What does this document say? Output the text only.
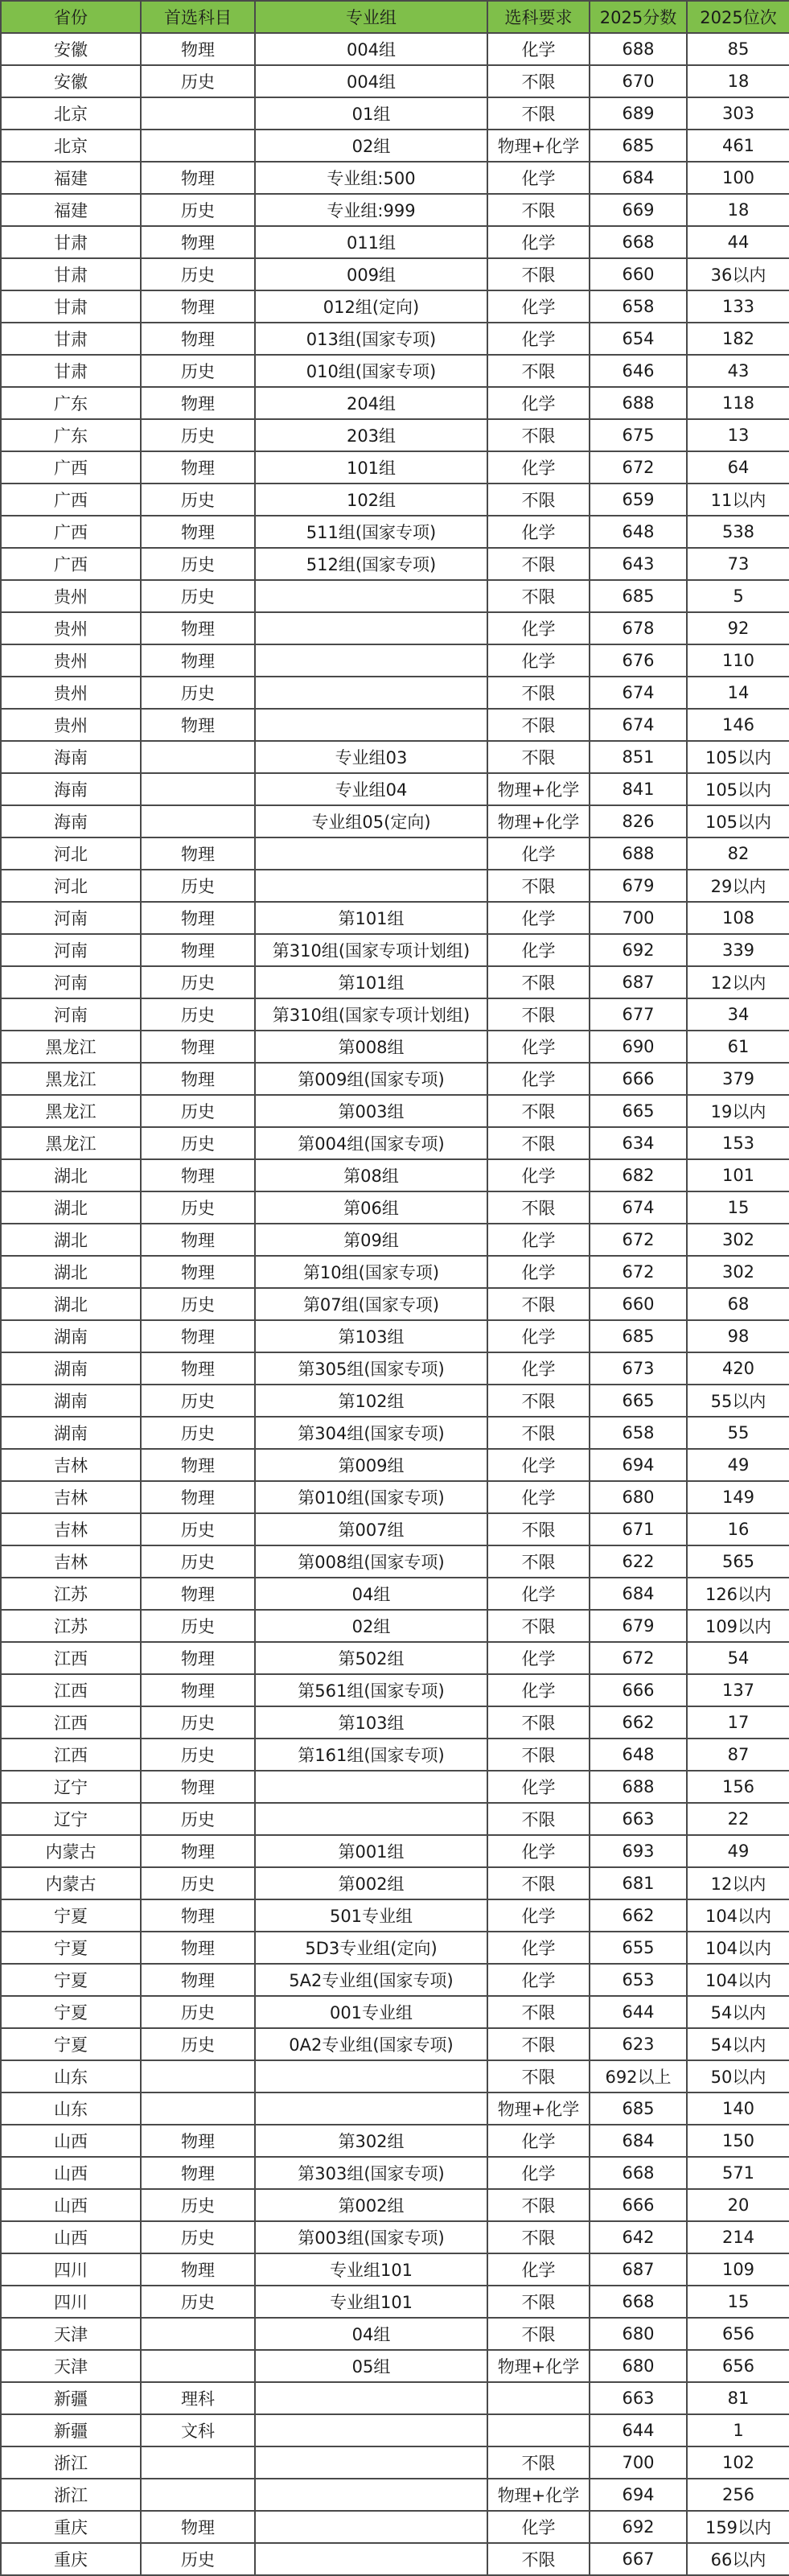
省份	首选科目	专业组	选科要求	2025分数	2025位次
安徽	物理	004组	化学	688	85
安徽	历史	004组	不限	670	18
北京		01组	不限	689	303
北京		02组	物理+化学	685	461
福建	物理	专业组:500	化学	684	100
福建	历史	专业组:999	不限	669	18
甘肃	物理	011组	化学	668	44
甘肃	历史	009组	不限	660	36以内
甘肃	物理	012组(定向)	化学	658	133
甘肃	物理	013组(国家专项)	化学	654	182
甘肃	历史	010组(国家专项)	不限	646	43
广东	物理	204组	化学	688	118
广东	历史	203组	不限	675	13
广西	物理	101组	化学	672	64
广西	历史	102组	不限	659	11以内
广西	物理	511组(国家专项)	化学	648	538
广西	历史	512组(国家专项)	不限	643	73
贵州	历史		不限	685	5
贵州	物理		化学	678	92
贵州	物理		化学	676	110
贵州	历史		不限	674	14
贵州	物理		不限	674	146
海南		专业组03	不限	851	105以内
海南		专业组04	物理+化学	841	105以内
海南		专业组05(定向)	物理+化学	826	105以内
河北	物理		化学	688	82
河北	历史		不限	679	29以内
河南	物理	第101组	化学	700	108
河南	物理	第310组(国家专项计划组)	化学	692	339
河南	历史	第101组	不限	687	12以内
河南	历史	第310组(国家专项计划组)	不限	677	34
黑龙江	物理	第008组	化学	690	61
黑龙江	物理	第009组(国家专项)	化学	666	379
黑龙江	历史	第003组	不限	665	19以内
黑龙江	历史	第004组(国家专项)	不限	634	153
湖北	物理	第08组	化学	682	101
湖北	历史	第06组	不限	674	15
湖北	物理	第09组	化学	672	302
湖北	物理	第10组(国家专项)	化学	672	302
湖北	历史	第07组(国家专项)	不限	660	68
湖南	物理	第103组	化学	685	98
湖南	物理	第305组(国家专项)	化学	673	420
湖南	历史	第102组	不限	665	55以内
湖南	历史	第304组(国家专项)	不限	658	55
吉林	物理	第009组	化学	694	49
吉林	物理	第010组(国家专项)	化学	680	149
吉林	历史	第007组	不限	671	16
吉林	历史	第008组(国家专项)	不限	622	565
江苏	物理	04组	化学	684	126以内
江苏	历史	02组	不限	679	109以内
江西	物理	第502组	化学	672	54
江西	物理	第561组(国家专项)	化学	666	137
江西	历史	第103组	不限	662	17
江西	历史	第161组(国家专项)	不限	648	87
辽宁	物理		化学	688	156
辽宁	历史		不限	663	22
内蒙古	物理	第001组	化学	693	49
内蒙古	历史	第002组	不限	681	12以内
宁夏	物理	501专业组	化学	662	104以内
宁夏	物理	5D3专业组(定向)	化学	655	104以内
宁夏	物理	5A2专业组(国家专项)	化学	653	104以内
宁夏	历史	001专业组	不限	644	54以内
宁夏	历史	0A2专业组(国家专项)	不限	623	54以内
山东			不限	692以上	50以内
山东			物理+化学	685	140
山西	物理	第302组	化学	684	150
山西	物理	第303组(国家专项)	化学	668	571
山西	历史	第002组	不限	666	20
山西	历史	第003组(国家专项)	不限	642	214
四川	物理	专业组101	化学	687	109
四川	历史	专业组101	不限	668	15
天津		04组	不限	680	656
天津		05组	物理+化学	680	656
新疆	理科			663	81
新疆	文科			644	1
浙江			不限	700	102
浙江			物理+化学	694	256
重庆	物理		化学	692	159以内
重庆	历史		不限	667	66以内
